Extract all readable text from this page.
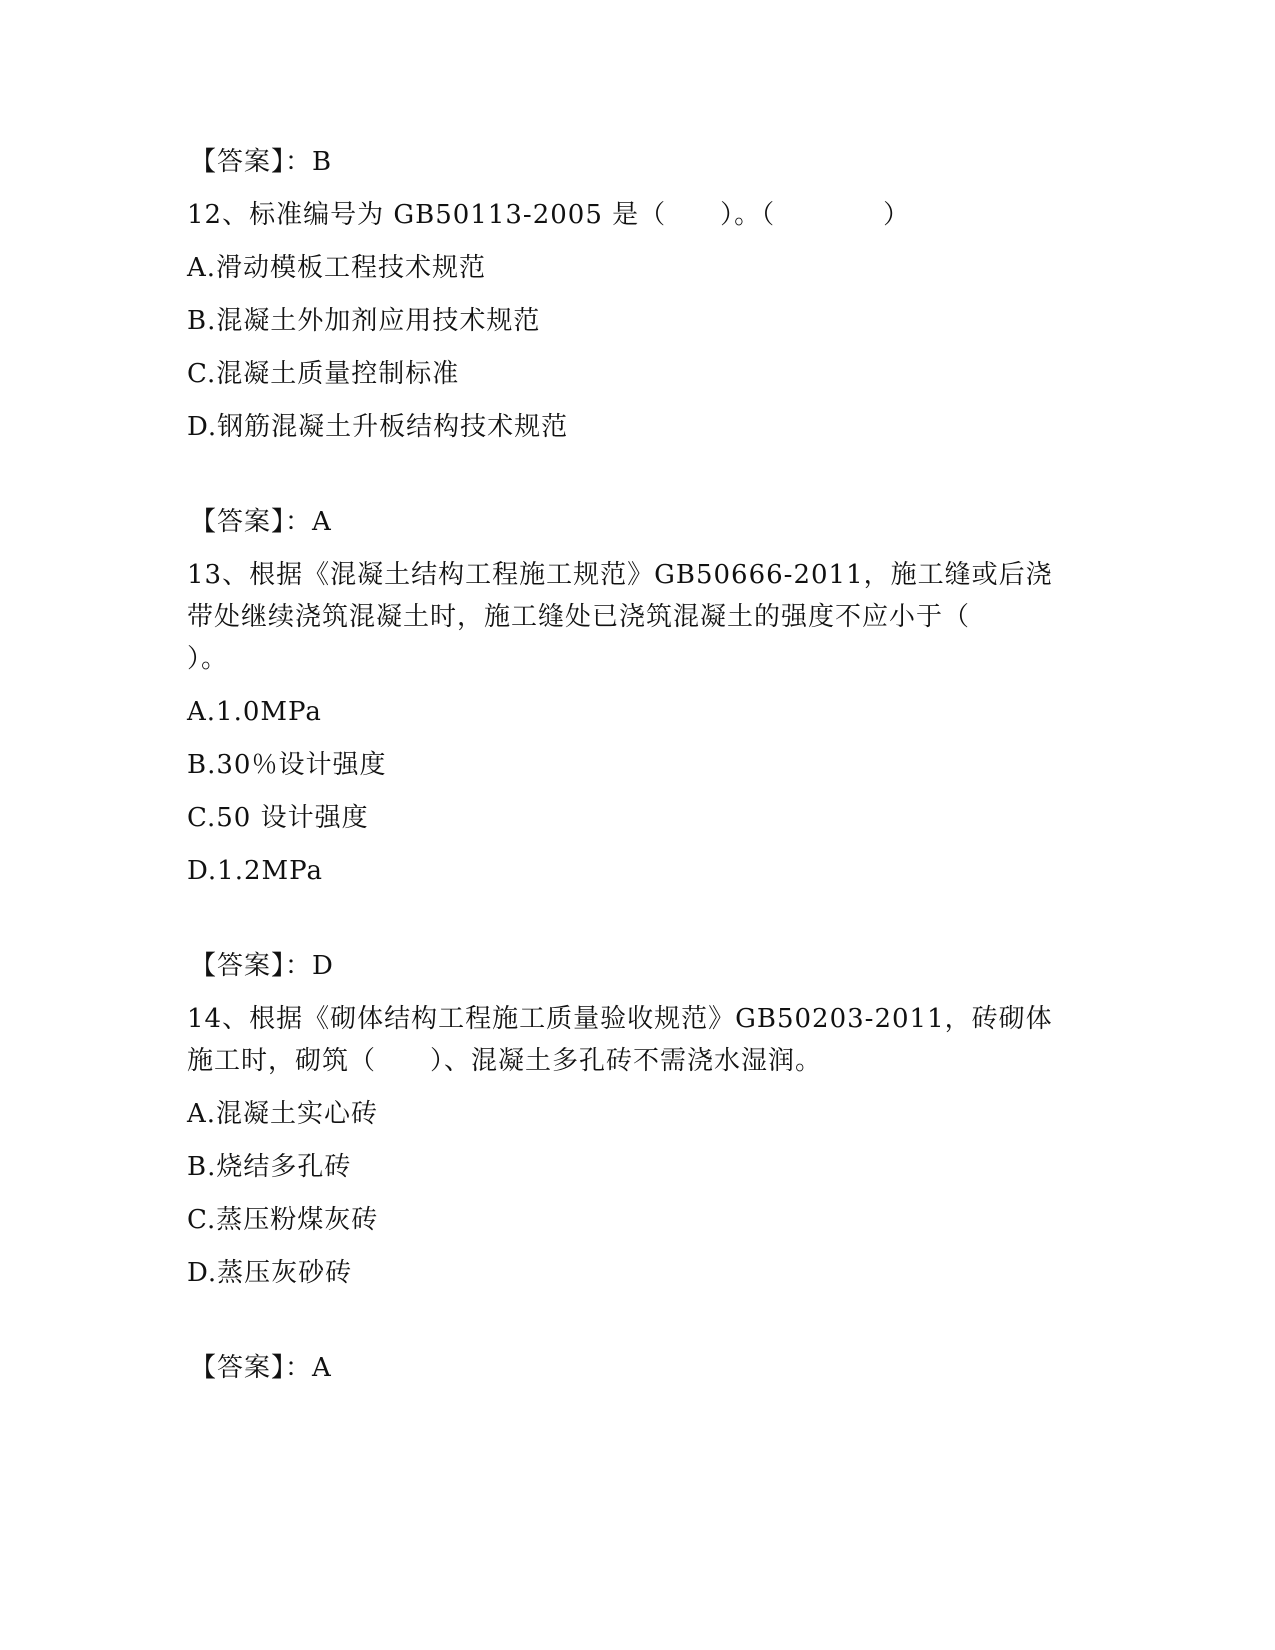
【答案】：B
12、标准编号为 GB50113-2005 是（　　）。（　　　　）
A.滑动模板工程技术规范
B.混凝土外加剂应用技术规范
C.混凝土质量控制标准
D.钢筋混凝土升板结构技术规范
【答案】：A
13、根据《混凝土结构工程施工规范》GB50666-2011，施工缝或后浇
带处继续浇筑混凝土时，施工缝处已浇筑混凝土的强度不应小于（
）。
A.1.0MPa
B.30％设计强度
C.50 设计强度
D.1.2MPa
【答案】：D
14、根据《砌体结构工程施工质量验收规范》GB50203-2011，砖砌体
施工时，砌筑（　　）、混凝土多孔砖不需浇水湿润。
A.混凝土实心砖
B.烧结多孔砖
C.蒸压粉煤灰砖
D.蒸压灰砂砖
【答案】：A
